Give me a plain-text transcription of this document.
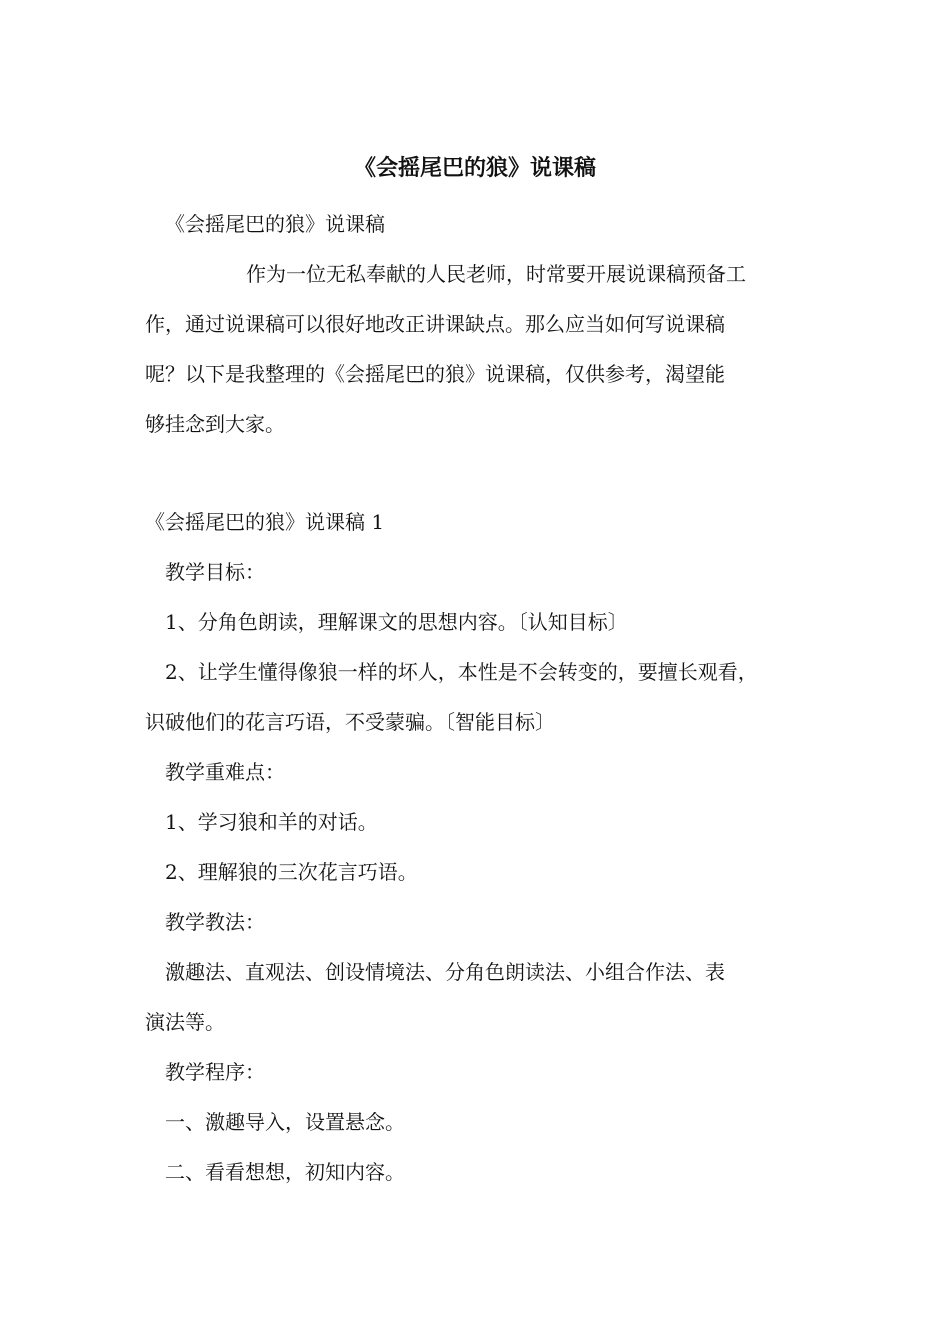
《会摇尾巴的狼》说课稿

《会摇尾巴的狼》说课稿

作为一位无私奉献的人民老师，时常要开展说课稿预备工

作，通过说课稿可以很好地改正讲课缺点。那么应当如何写说课稿

呢？以下是我整理的《会摇尾巴的狼》说课稿，仅供参考，渴望能

够挂念到大家。

《会摇尾巴的狼》说课稿 1

教学目标：

1、分角色朗读，理解课文的思想内容。〔认知目标〕

2、让学生懂得像狼一样的坏人，本性是不会转变的，要擅长观看，

识破他们的花言巧语，不受蒙骗。〔智能目标〕

教学重难点：

1、学习狼和羊的对话。

2、理解狼的三次花言巧语。

教学教法：

激趣法、直观法、创设情境法、分角色朗读法、小组合作法、表

演法等。

教学程序：

一、激趣导入，设置悬念。

二、看看想想，初知内容。
